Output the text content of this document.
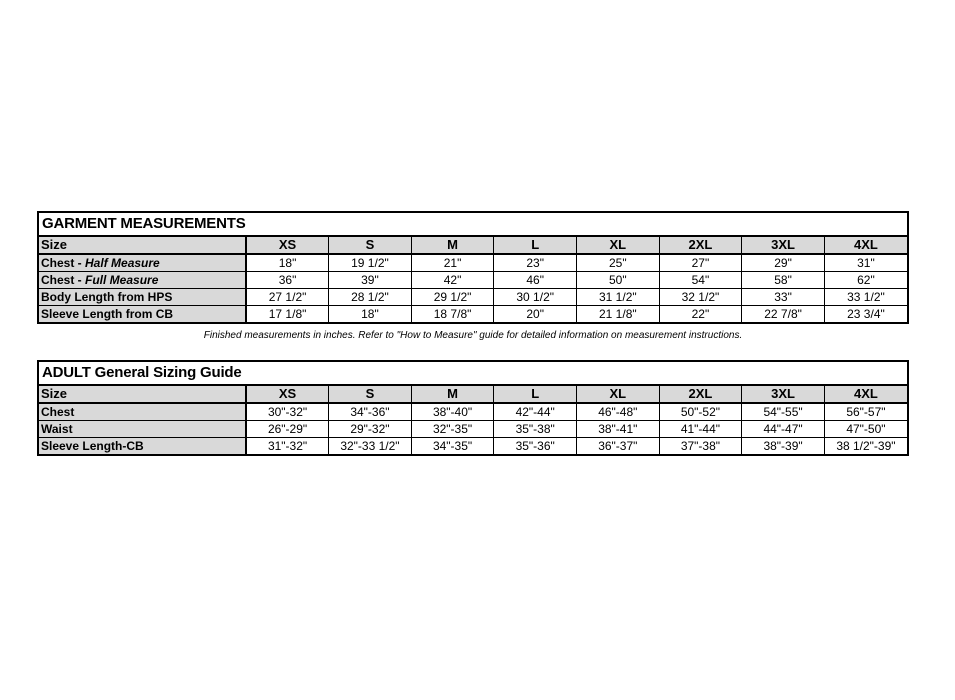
GARMENT MEASUREMENTS
Size	XS	S	M	L	XL	2XL	3XL	4XL
Chest - Half Measure	18"	19 1/2"	21"	23"	25"	27"	29"	31"
Chest - Full Measure	36"	39"	42"	46"	50"	54"	58"	62"
Body Length from HPS	27 1/2"	28 1/2"	29 1/2"	30 1/2"	31 1/2"	32 1/2"	33"	33 1/2"
Sleeve Length from CB	17 1/8"	18"	18 7/8"	20"	21 1/8"	22"	22 7/8"	23 3/4"
Finished measurements in inches. Refer to "How to Measure" guide for detailed information on measurement instructions.
ADULT General Sizing Guide
Size	XS	S	M	L	XL	2XL	3XL	4XL
Chest	30"-32"	34"-36"	38"-40"	42"-44"	46"-48"	50"-52"	54"-55"	56"-57"
Waist	26"-29"	29"-32"	32"-35"	35"-38"	38"-41"	41"-44"	44"-47"	47"-50"
Sleeve Length-CB	31"-32"	32"-33 1/2"	34"-35"	35"-36"	36"-37"	37"-38"	38"-39"	38 1/2"-39"
